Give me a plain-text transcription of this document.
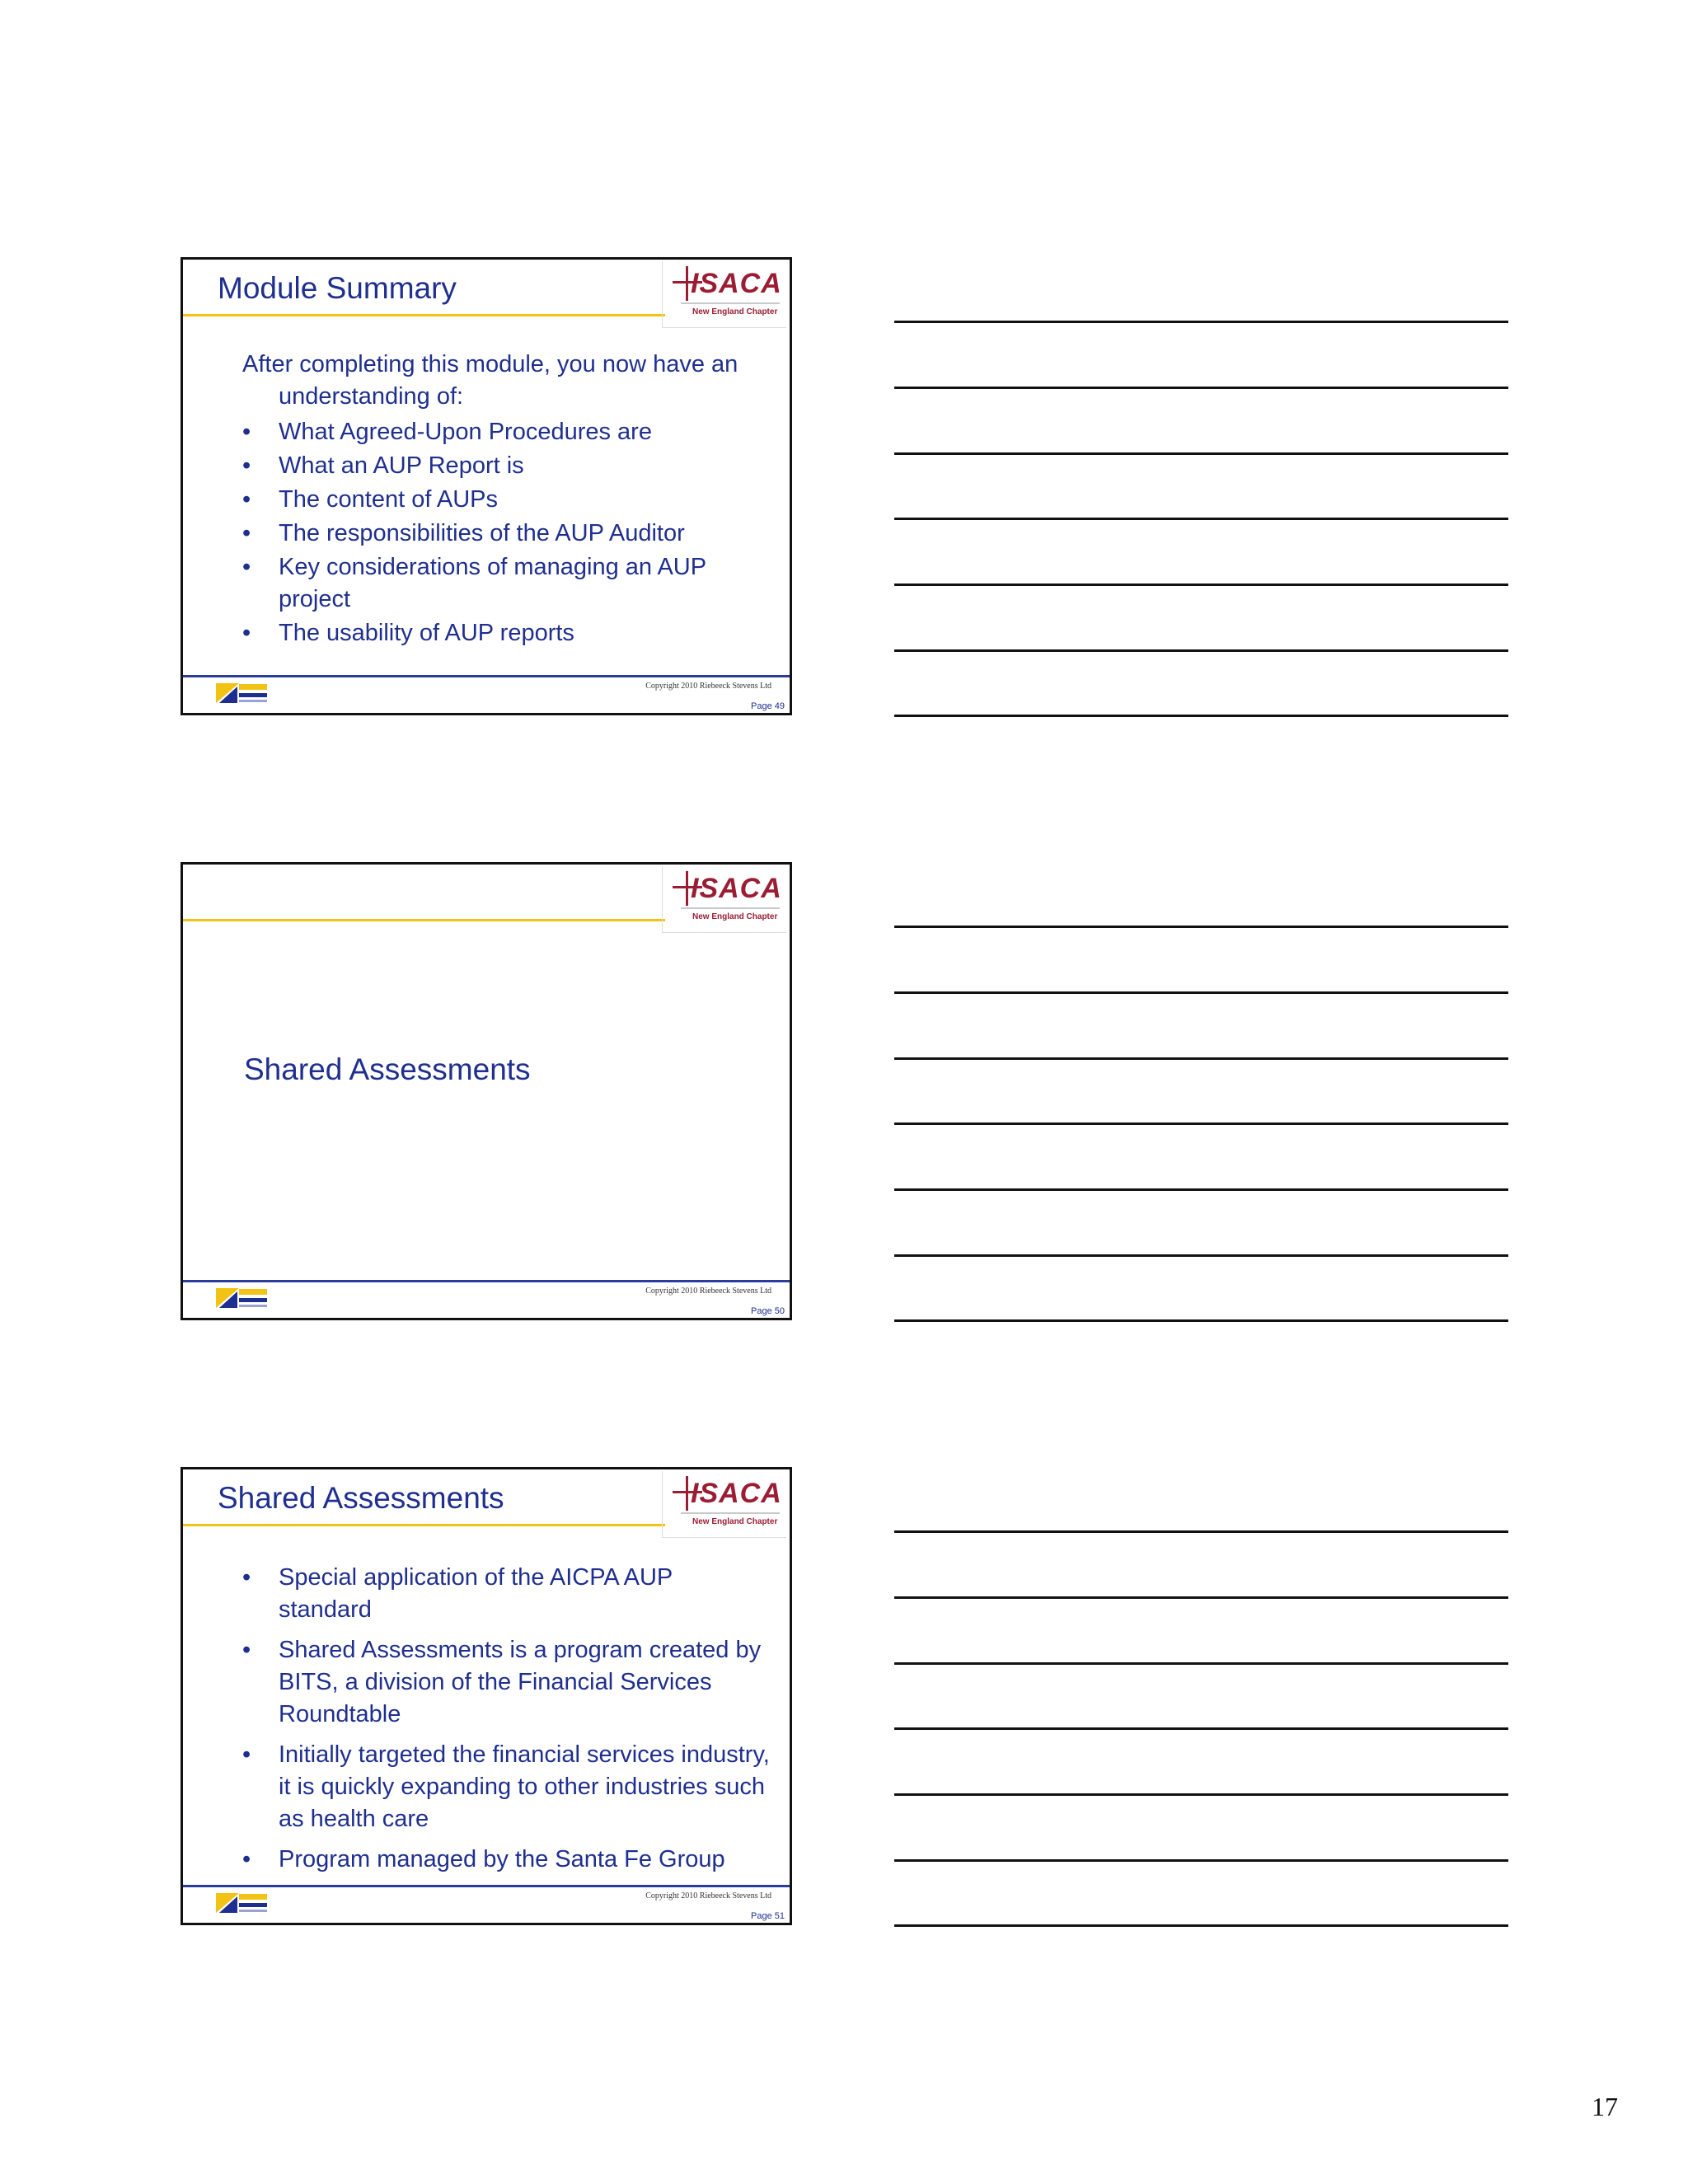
Module Summary	ISACA
New England Chapter
After completing this module, you now have an understanding of:
• What Agreed-Upon Procedures are
• What an AUP Report is
• The content of AUPs
• The responsibilities of the AUP Auditor
• Key considerations of managing an AUP project
• The usability of AUP reports
Copyright 2010 Riebeeck Stevens Ltd
Page 49
ISACA
New England Chapter
Shared Assessments
Copyright 2010 Riebeeck Stevens Ltd
Page 50
Shared Assessments	ISACA
New England Chapter
• Special application of the AICPA AUP standard
• Shared Assessments is a program created by BITS, a division of the Financial Services Roundtable
• Initially targeted the financial services industry, it is quickly expanding to other industries such as health care
• Program managed by the Santa Fe Group
Copyright 2010 Riebeeck Stevens Ltd
Page 51
17
